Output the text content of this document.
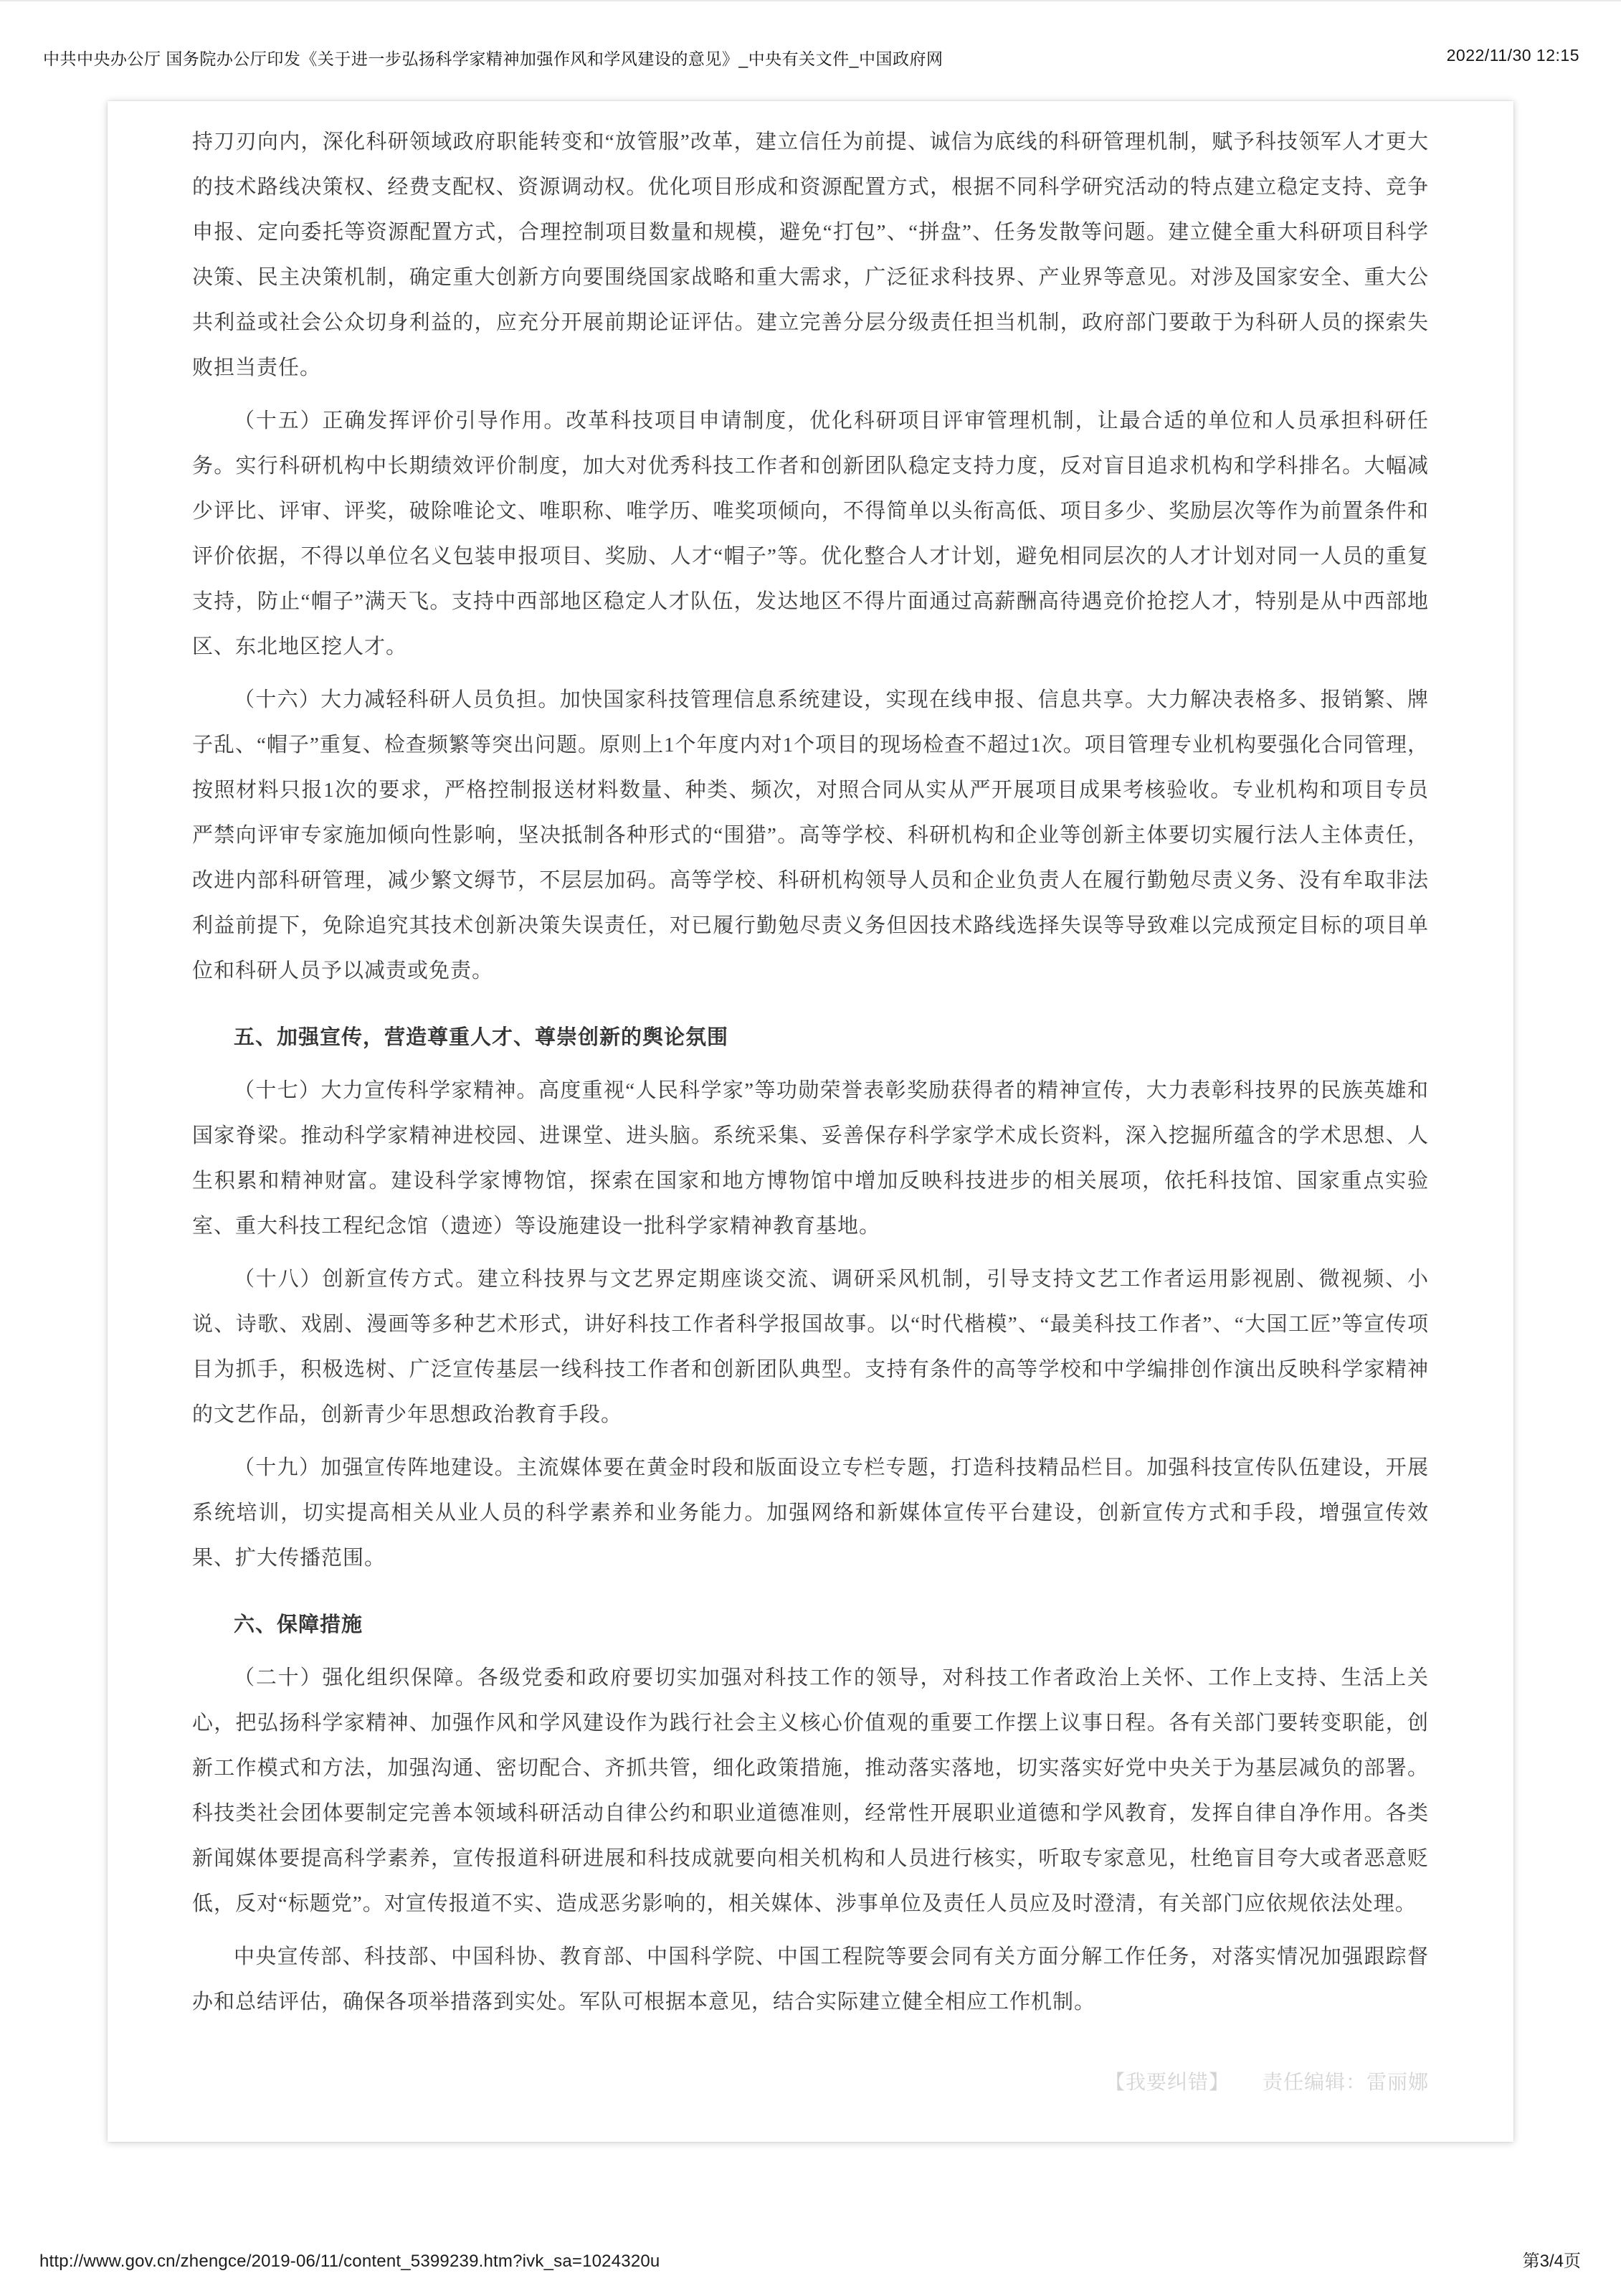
中共中央办公厅 国务院办公厅印发《关于进一步弘扬科学家精神加强作风和学风建设的意见》_中央有关文件_中国政府网	2022/11/30 12:15

持刀刃向内，深化科研领域政府职能转变和“放管服”改革，建立信任为前提、诚信为底线的科研管理机制，赋予科技领军人才更大的技术路线决策权、经费支配权、资源调动权。优化项目形成和资源配置方式，根据不同科学研究活动的特点建立稳定支持、竞争申报、定向委托等资源配置方式，合理控制项目数量和规模，避免“打包”、“拼盘”、任务发散等问题。建立健全重大科研项目科学决策、民主决策机制，确定重大创新方向要围绕国家战略和重大需求，广泛征求科技界、产业界等意见。对涉及国家安全、重大公共利益或社会公众切身利益的，应充分开展前期论证评估。建立完善分层分级责任担当机制，政府部门要敢于为科研人员的探索失败担当责任。

（十五）正确发挥评价引导作用。改革科技项目申请制度，优化科研项目评审管理机制，让最合适的单位和人员承担科研任务。实行科研机构中长期绩效评价制度，加大对优秀科技工作者和创新团队稳定支持力度，反对盲目追求机构和学科排名。大幅减少评比、评审、评奖，破除唯论文、唯职称、唯学历、唯奖项倾向，不得简单以头衔高低、项目多少、奖励层次等作为前置条件和评价依据，不得以单位名义包装申报项目、奖励、人才“帽子”等。优化整合人才计划，避免相同层次的人才计划对同一人员的重复支持，防止“帽子”满天飞。支持中西部地区稳定人才队伍，发达地区不得片面通过高薪酬高待遇竞价抢挖人才，特别是从中西部地区、东北地区挖人才。

（十六）大力减轻科研人员负担。加快国家科技管理信息系统建设，实现在线申报、信息共享。大力解决表格多、报销繁、牌子乱、“帽子”重复、检查频繁等突出问题。原则上1个年度内对1个项目的现场检查不超过1次。项目管理专业机构要强化合同管理，按照材料只报1次的要求，严格控制报送材料数量、种类、频次，对照合同从实从严开展项目成果考核验收。专业机构和项目专员严禁向评审专家施加倾向性影响，坚决抵制各种形式的“围猎”。高等学校、科研机构和企业等创新主体要切实履行法人主体责任，改进内部科研管理，减少繁文缛节，不层层加码。高等学校、科研机构领导人员和企业负责人在履行勤勉尽责义务、没有牟取非法利益前提下，免除追究其技术创新决策失误责任，对已履行勤勉尽责义务但因技术路线选择失误等导致难以完成预定目标的项目单位和科研人员予以减责或免责。

五、加强宣传，营造尊重人才、尊崇创新的舆论氛围

（十七）大力宣传科学家精神。高度重视“人民科学家”等功勋荣誉表彰奖励获得者的精神宣传，大力表彰科技界的民族英雄和国家脊梁。推动科学家精神进校园、进课堂、进头脑。系统采集、妥善保存科学家学术成长资料，深入挖掘所蕴含的学术思想、人生积累和精神财富。建设科学家博物馆，探索在国家和地方博物馆中增加反映科技进步的相关展项，依托科技馆、国家重点实验室、重大科技工程纪念馆（遗迹）等设施建设一批科学家精神教育基地。

（十八）创新宣传方式。建立科技界与文艺界定期座谈交流、调研采风机制，引导支持文艺工作者运用影视剧、微视频、小说、诗歌、戏剧、漫画等多种艺术形式，讲好科技工作者科学报国故事。以“时代楷模”、“最美科技工作者”、“大国工匠”等宣传项目为抓手，积极选树、广泛宣传基层一线科技工作者和创新团队典型。支持有条件的高等学校和中学编排创作演出反映科学家精神的文艺作品，创新青少年思想政治教育手段。

（十九）加强宣传阵地建设。主流媒体要在黄金时段和版面设立专栏专题，打造科技精品栏目。加强科技宣传队伍建设，开展系统培训，切实提高相关从业人员的科学素养和业务能力。加强网络和新媒体宣传平台建设，创新宣传方式和手段，增强宣传效果、扩大传播范围。

六、保障措施

（二十）强化组织保障。各级党委和政府要切实加强对科技工作的领导，对科技工作者政治上关怀、工作上支持、生活上关心，把弘扬科学家精神、加强作风和学风建设作为践行社会主义核心价值观的重要工作摆上议事日程。各有关部门要转变职能，创新工作模式和方法，加强沟通、密切配合、齐抓共管，细化政策措施，推动落实落地，切实落实好党中央关于为基层减负的部署。科技类社会团体要制定完善本领域科研活动自律公约和职业道德准则，经常性开展职业道德和学风教育，发挥自律自净作用。各类新闻媒体要提高科学素养，宣传报道科研进展和科技成就要向相关机构和人员进行核实，听取专家意见，杜绝盲目夸大或者恶意贬低，反对“标题党”。对宣传报道不实、造成恶劣影响的，相关媒体、涉事单位及责任人员应及时澄清，有关部门应依规依法处理。

中央宣传部、科技部、中国科协、教育部、中国科学院、中国工程院等要会同有关方面分解工作任务，对落实情况加强跟踪督办和总结评估，确保各项举措落到实处。军队可根据本意见，结合实际建立健全相应工作机制。

【我要纠错】 责任编辑：雷丽娜
http://www.gov.cn/zhengce/2019-06/11/content_5399239.htm?ivk_sa=1024320u	第3/4页
